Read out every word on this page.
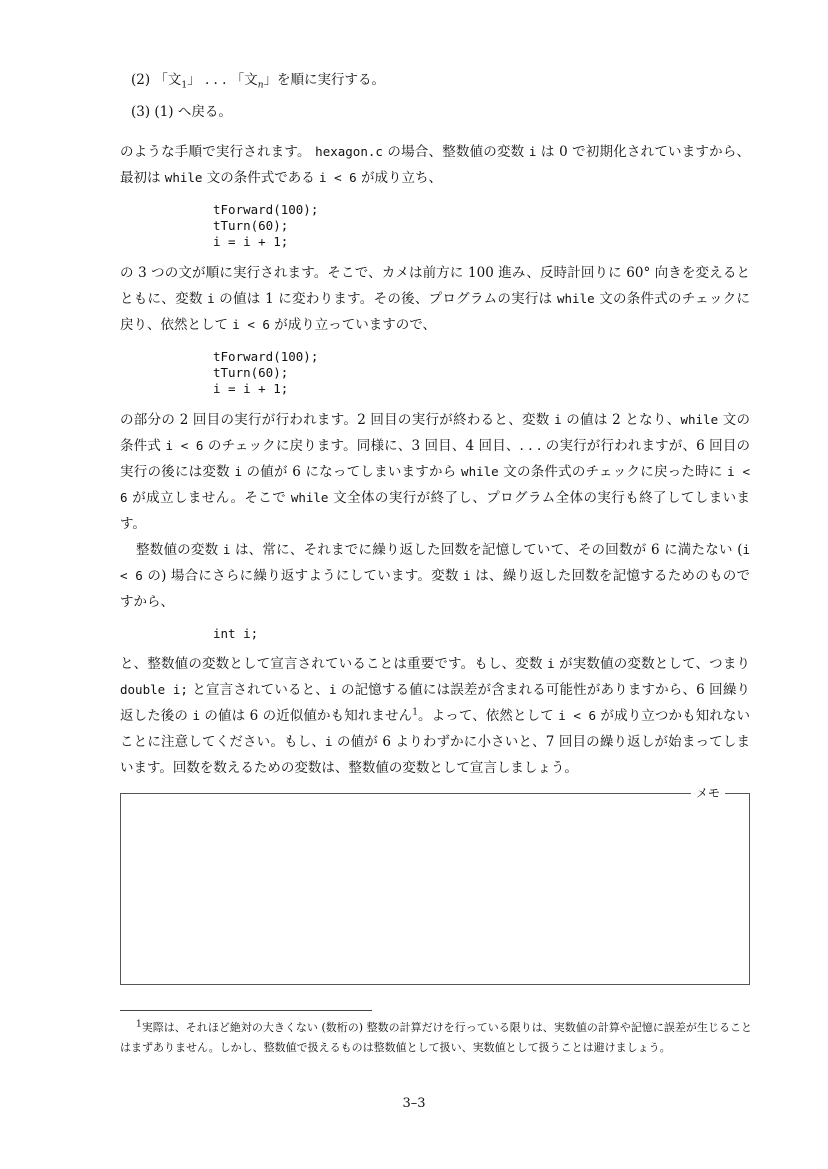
(2) 「文$_1$」 . . . 「文$_n$」を順に実行する。
(3) (1) へ戻る。
のような手順で実行されます。 hexagon.c の場合、整数値の変数 i は 0 で初期化されていますから、最初は while 文の条件式である i < 6 が成り立ち、
tForward(100);
tTurn(60);
i = i + 1;
の 3 つの文が順に実行されます。そこで、カメは前方に 100 進み、反時計回りに 60° 向きを変えるとともに、変数 i の値は 1 に変わります。その後、プログラムの実行は while 文の条件式のチェックに戻り、依然として i < 6 が成り立っていますので、
tForward(100);
tTurn(60);
i = i + 1;
の部分の 2 回目の実行が行われます。2 回目の実行が終わると、変数 i の値は 2 となり、while 文の条件式 i < 6 のチェックに戻ります。同様に、3 回目、4 回目、. . . の実行が行われますが、6 回目の実行の後には変数 i の値が 6 になってしまいますから while 文の条件式のチェックに戻った時に i < 6 が成立しません。そこで while 文全体の実行が終了し、プログラム全体の実行も終了してしまいます。
整数値の変数 i は、常に、それまでに繰り返した回数を記憶していて、その回数が 6 に満たない (i < 6 の) 場合にさらに繰り返すようにしています。変数 i は、繰り返した回数を記憶するためのものですから、
int i;
と、整数値の変数として宣言されていることは重要です。もし、変数 i が実数値の変数として、つまり double i; と宣言されていると、i の記憶する値には誤差が含まれる可能性がありますから、6 回繰り返した後の i の値は 6 の近似値かも知れません$^1$。よって、依然として i < 6 が成り立つかも知れないことに注意してください。もし、i の値が 6 よりわずかに小さいと、7 回目の繰り返しが始まってしまいます。回数を数えるための変数は、整数値の変数として宣言しましょう。
メモ
$^1$実際は、それほど絶対の大きくない (数桁の) 整数の計算だけを行っている限りは、実数値の計算や記憶に誤差が生じることはまずありません。しかし、整数値で扱えるものは整数値として扱い、実数値として扱うことは避けましょう。
3–3
